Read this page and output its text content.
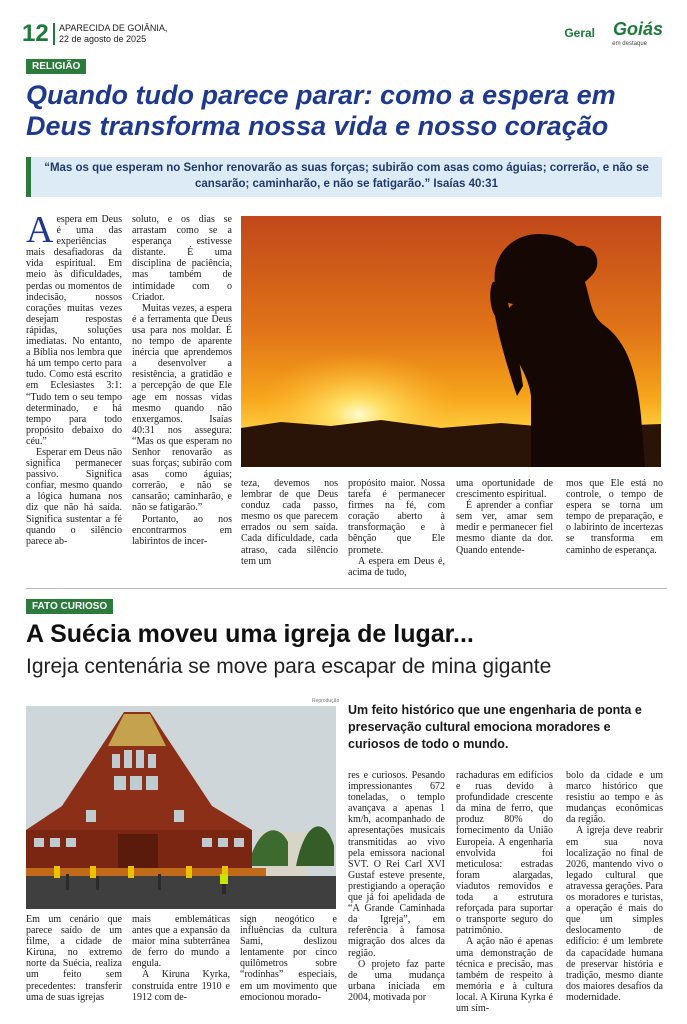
12 APARECIDA DE GOIÂNIA,
22 de agosto de 2025	Geral Goiás
em destaque
RELIGIÃO
Quando tudo parece parar: como a espera em Deus transforma nossa vida e nosso coração
“Mas os que esperam no Senhor renovarão as suas forças; subirão com asas como águias; correrão, e não se cansarão; caminharão, e não se fatigarão.” Isaías 40:31
A espera em Deus é uma das experiências mais desafiadoras da vida espiritual. Em meio às dificuldades, perdas ou momentos de indecisão, nossos corações muitas vezes desejam respostas rápidas, soluções imediatas. No entanto, a Bíblia nos lembra que há um tempo certo para tudo. Como está escrito em Eclesiastes 3:1: “Tudo tem o seu tempo determinado, e há tempo para todo propósito debaixo do céu.”

Esperar em Deus não significa permanecer passivo. Significa confiar, mesmo quando a lógica humana nos diz que não há saída. Significa sustentar a fé quando o silêncio parece ab-

soluto, e os dias se arrastam como se a esperança estivesse distante. É uma disciplina de paciência, mas também de intimidade com o Criador.

Muitas vezes, a espera é a ferramenta que Deus usa para nos moldar. É no tempo de aparente inércia que aprendemos a desenvolver a resistência, a gratidão e a percepção de que Ele age em nossas vidas mesmo quando não enxergamos. Isaías 40:31 nos assegura: “Mas os que esperam no Senhor renovarão as suas forças; subirão com asas como águias; correrão, e não se cansarão; caminharão, e não se fatigarão.”

Portanto, ao nos encontrarmos em labirintos de incer-

teza, devemos nos lembrar de que Deus conduz cada passo, mesmo os que parecem errados ou sem saída. Cada dificuldade, cada atraso, cada silêncio tem um

propósito maior. Nossa tarefa é permanecer firmes na fé, com coração aberto à transformação e à bênção que Ele promete.

A espera em Deus é, acima de tudo,

uma oportunidade de crescimento espiritual.

É aprender a confiar sem ver, amar sem medir e permanecer fiel mesmo diante da dor. Quando entende-

mos que Ele está no controle, o tempo de espera se torna um tempo de preparação, e o labirinto de incertezas se transforma em caminho de esperança.

FATO CURIOSO
A Suécia moveu uma igreja de lugar...
Igreja centenária se move para escapar de mina gigante
Reprodução
Um feito histórico que une engenharia de ponta e preservação cultural emociona moradores e curiosos de todo o mundo.

Em um cenário que parece saído de um filme, a cidade de Kiruna, no extremo norte da Suécia, realiza um feito sem precedentes: transferir uma de suas igrejas

mais emblemáticas antes que a expansão da maior mina subterrânea de ferro do mundo a engula.

A Kiruna Kyrka, construída entre 1910 e 1912 com de-

sign neogótico e influências da cultura Sami, deslizou lentamente por cinco quilômetros sobre “rodinhas” especiais, em um movimento que emocionou morado-

res e curiosos. Pesando impressionantes 672 toneladas, o templo avançava a apenas 1 km/h, acompanhado de apresentações musicais transmitidas ao vivo pela emissora nacional SVT. O Rei Carl XVI Gustaf esteve presente, prestigiando a operação que já foi apelidada de “A Grande Caminhada da Igreja”, em referência à famosa migração dos alces da região.

O projeto faz parte de uma mudança urbana iniciada em 2004, motivada por

rachaduras em edifícios e ruas devido à profundidade crescente da mina de ferro, que produz 80% do fornecimento da União Europeia. A engenharia envolvida foi meticulosa: estradas foram alargadas, viadutos removidos e toda a estrutura reforçada para suportar o transporte seguro do patrimônio.

A ação não é apenas uma demonstração de técnica e precisão, mas também de respeito à memória e à cultura local. A Kiruna Kyrka é um sím-

bolo da cidade e um marco histórico que resistiu ao tempo e às mudanças econômicas da região.

A igreja deve reabrir em sua nova localização no final de 2026, mantendo vivo o legado cultural que atravessa gerações. Para os moradores e turistas, a operação é mais do que um simples deslocamento de edifício: é um lembrete da capacidade humana de preservar história e tradição, mesmo diante dos maiores desafios da modernidade.
